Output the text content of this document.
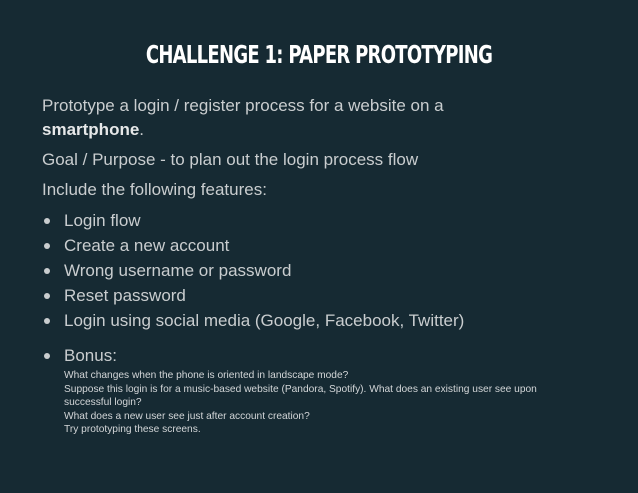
CHALLENGE 1: PAPER PROTOTYPING

Prototype a login / register process for a website on a
smartphone.

Goal / Purpose - to plan out the login process flow

Include the following features:

Login flow
Create a new account
Wrong username or password
Reset password
Login using social media (Google, Facebook, Twitter)
Bonus:
What changes when the phone is oriented in landscape mode?
Suppose this login is for a music-based website (Pandora, Spotify). What does an existing user see upon
successful login?
What does a new user see just after account creation?
Try prototyping these screens.
